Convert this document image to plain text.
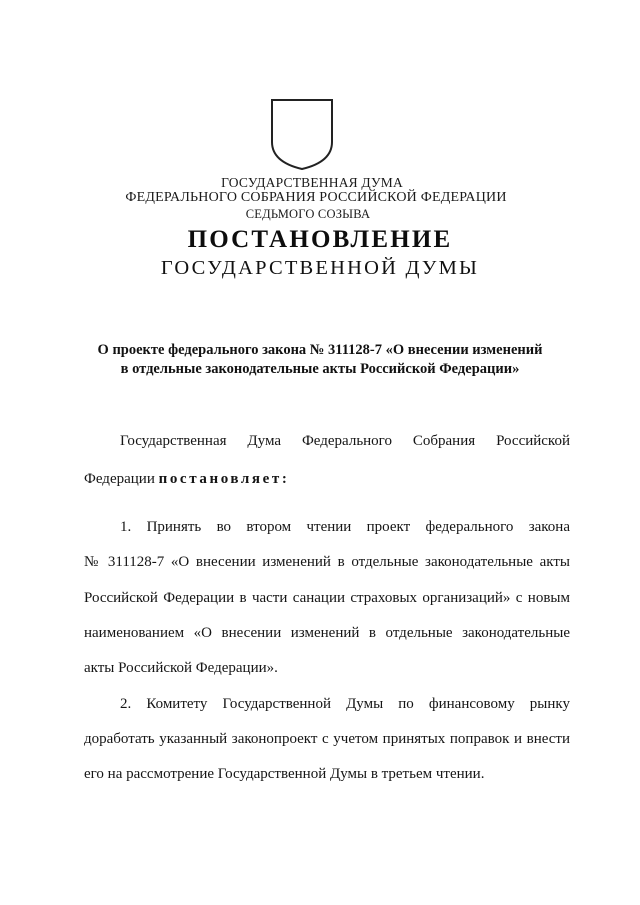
ГОСУДАРСТВЕННАЯ ДУМА
ФЕДЕРАЛЬНОГО СОБРАНИЯ РОССИЙСКОЙ ФЕДЕРАЦИИ
СЕДЬМОГО СОЗЫВА
ПОСТАНОВЛЕНИЕ
ГОСУДАРСТВЕННОЙ ДУМЫ
О проекте федерального закона № 311128-7 «О внесении изменений
в отдельные законодательные акты Российской Федерации»
Государственная Дума Федерального Собрания Российской
Федерации постановляет:
1. Принять во втором чтении проект федерального закона
№ 311128-7 «О внесении изменений в отдельные законодательные акты
Российской Федерации в части санации страховых организаций» с новым
наименованием «О внесении изменений в отдельные законодательные
акты Российской Федерации».
2. Комитету Государственной Думы по финансовому рынку
доработать указанный законопроект с учетом принятых поправок и внести
его на рассмотрение Государственной Думы в третьем чтении.
